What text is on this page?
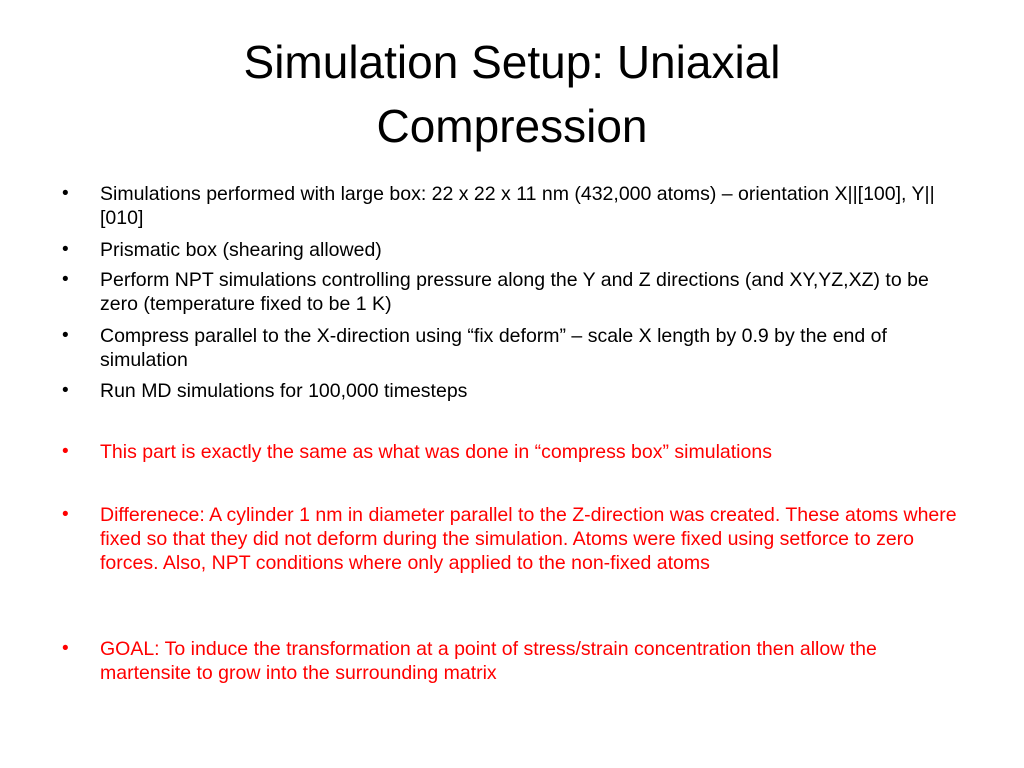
Simulation Setup: Uniaxial
Compression
•	Simulations performed with large box: 22 x 22 x 11 nm (432,000 atoms) – orientation X||[100], Y||[010]
•	Prismatic box (shearing allowed)
•	Perform NPT simulations controlling pressure along the Y and Z directions (and XY,YZ,XZ) to be zero (temperature fixed to be 1 K)
•	Compress parallel to the X-direction using “fix deform” – scale X length by 0.9 by the end of simulation
•	Run MD simulations for 100,000 timesteps
•	This part is exactly the same as what was done in “compress box” simulations
•	Differenece: A cylinder 1 nm in diameter parallel to the Z-direction was created. These atoms where fixed so that they did not deform during the simulation. Atoms were fixed using setforce to zero forces. Also, NPT conditions where only applied to the non-fixed atoms
•	GOAL: To induce the transformation at a point of stress/strain concentration then allow the martensite to grow into the surrounding matrix
